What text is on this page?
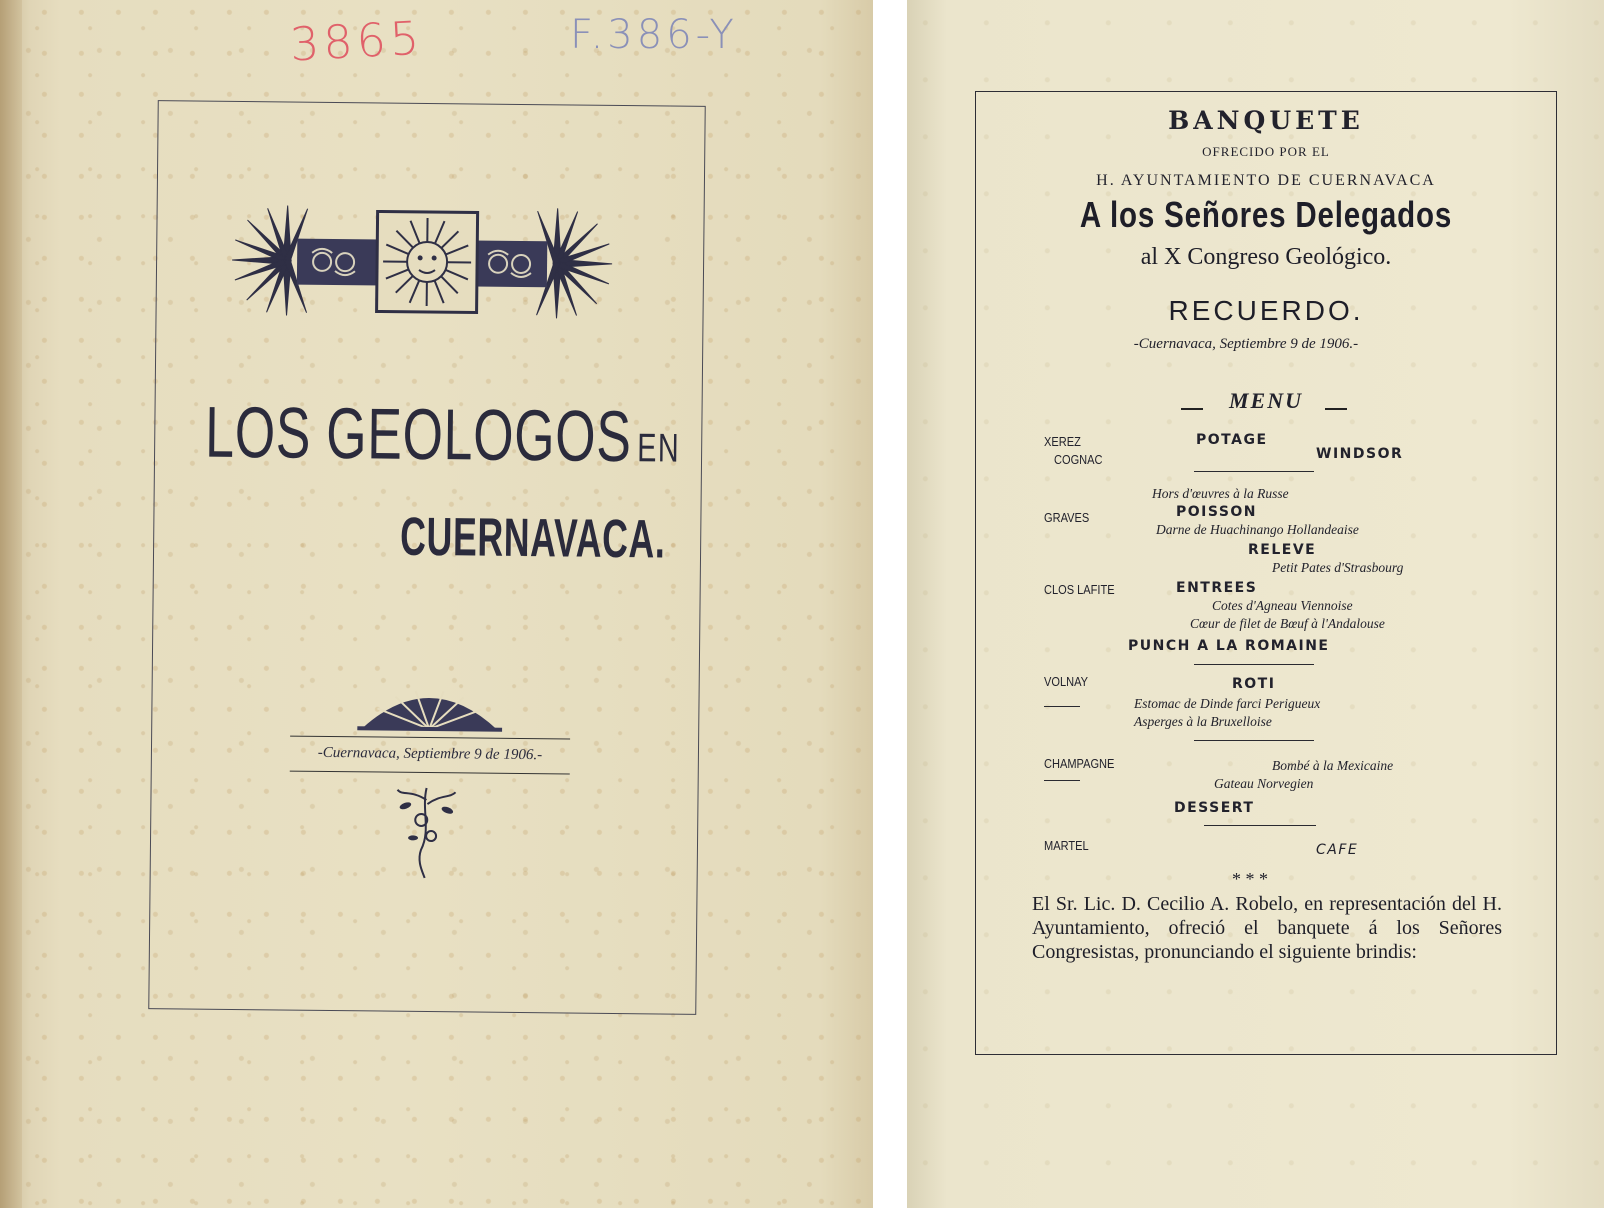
3865	F.386-Y
LOS GEOLOGOS EN
CUERNAVACA.
-Cuernavaca, Septiembre 9 de 1906.-
BANQUETE
OFRECIDO POR EL
H. AYUNTAMIENTO DE CUERNAVACA
A los Señores Delegados
al X Congreso Geológico.
RECUERDO.
-Cuernavaca, Septiembre 9 de 1906.-
MENU
XEREZ
COGNAC
GRAVES
CLOS LAFITE
VOLNAY
CHAMPAGNE
MARTEL
POTAGE
WINDSOR
Hors d'œuvres à la Russe
POISSON
Darne de Huachinango Hollandeaise
RELEVE
Petit Pates d'Strasbourg
ENTREES
Cotes d'Agneau Viennoise
Cœur de filet de Bœuf à l'Andalouse
PUNCH A LA ROMAINE
ROTI
Estomac de Dinde farci Perigueux
Asperges à la Bruxelloise
Bombé à la Mexicaine
Gateau Norvegien
DESSERT
CAFE
* * *
El Sr. Lic. D. Cecilio A. Robelo, en representación del H. Ayuntamiento, ofreció el banquete á los Señores Congresistas, pronunciando el siguiente brindis:
